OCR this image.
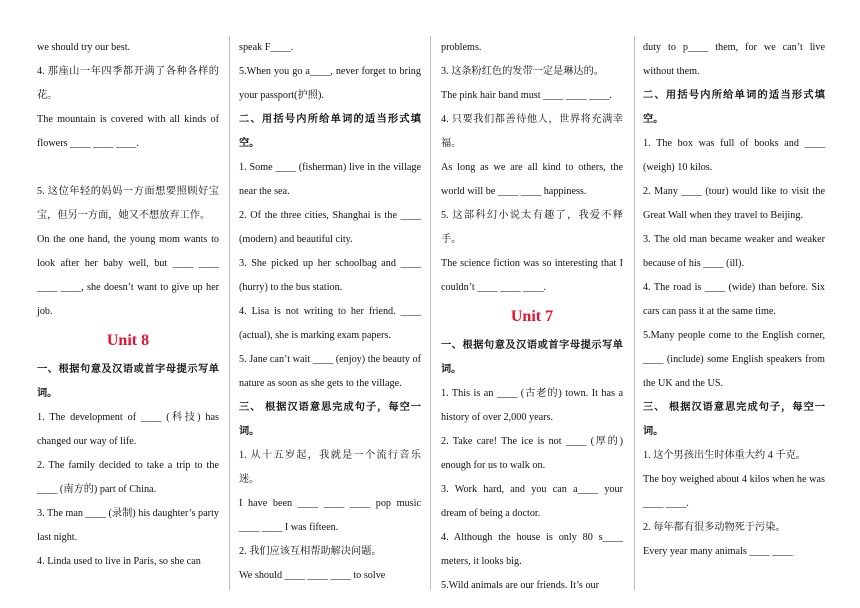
we should try our best.

4. 那座山一年四季都开满了各种各样的花。

The mountain is covered with all kinds of flowers ____ ____ ____.

5. 这位年轻的妈妈一方面想要照顾好宝宝，但另一方面，她又不想放弃工作。

On the one hand, the young mom wants to look after her baby well, but ____ ____ ____ ____, she doesn’t want to give up her job.

Unit 8

一、根据句意及汉语或首字母提示写单词。

1. The development of ____ (科技) has changed our way of life.

2. The family decided to take a trip to the ____ (南方的) part of China.

3. The man ____ (录制) his daughter’s party last night.

4. Linda used to live in Paris, so she can

speak F____.

5.When you go a____, never forget to bring your passport(护照).

二、用括号内所给单词的适当形式填空。

1. Some ____ (fisherman) live in the village near the sea.

2. Of the three cities, Shanghai is the ____ (modern) and beautiful city.

3. She picked up her schoolbag and ____ (hurry) to the bus station.

4. Lisa is not writing to her friend. ____ (actual), she is marking exam papers.

5. Jane can’t wait ____ (enjoy) the beauty of nature as soon as she gets to the village.

三、 根据汉语意思完成句子，每空一词。

1. 从十五岁起，我就是一个流行音乐迷。

I have been ____ ____ ____ pop music ____ ____ I was fifteen.

2. 我们应该互相帮助解决问题。

We should ____ ____ ____ to solve

problems.

3. 这条粉红色的发带一定是琳达的。

The pink hair band must ____ ____ ____.

4. 只要我们都善待他人，世界将充满幸福。

As long as we are all kind to others, the world will be ____ ____ happiness.

5. 这部科幻小说太有趣了，我爱不释手。

The science fiction was so interesting that I couldn’t ____ ____ ____.

Unit 7

一、根据句意及汉语或首字母提示写单词。

1. This is an ____ (古老的) town. It has a history of over 2,000 years.

2. Take care! The ice is not ____ (厚的) enough for us to walk on.

3. Work hard, and you can a____ your dream of being a doctor.

4. Although the house is only 80 s____ meters, it looks big.

5.Wild animals are our friends. It’s our

duty to p____ them, for we can’t live without them.

二、用括号内所给单词的适当形式填空。

1. The box was full of books and ____ (weigh) 10 kilos.

2. Many ____ (tour) would like to visit the Great Wall when they travel to Beijing.

3. The old man became weaker and weaker because of his ____ (ill).

4. The road is ____ (wide) than before. Six cars can pass it at the same time.

5.Many people come to the English corner, ____ (include) some English speakers from the UK and the US.

三、 根据汉语意思完成句子，每空一词。

1. 这个男孩出生时体重大约 4 千克。

The boy weighed about 4 kilos when he was ____ ____.

2. 每年都有很多动物死于污染。

Every year many animals ____ ____
